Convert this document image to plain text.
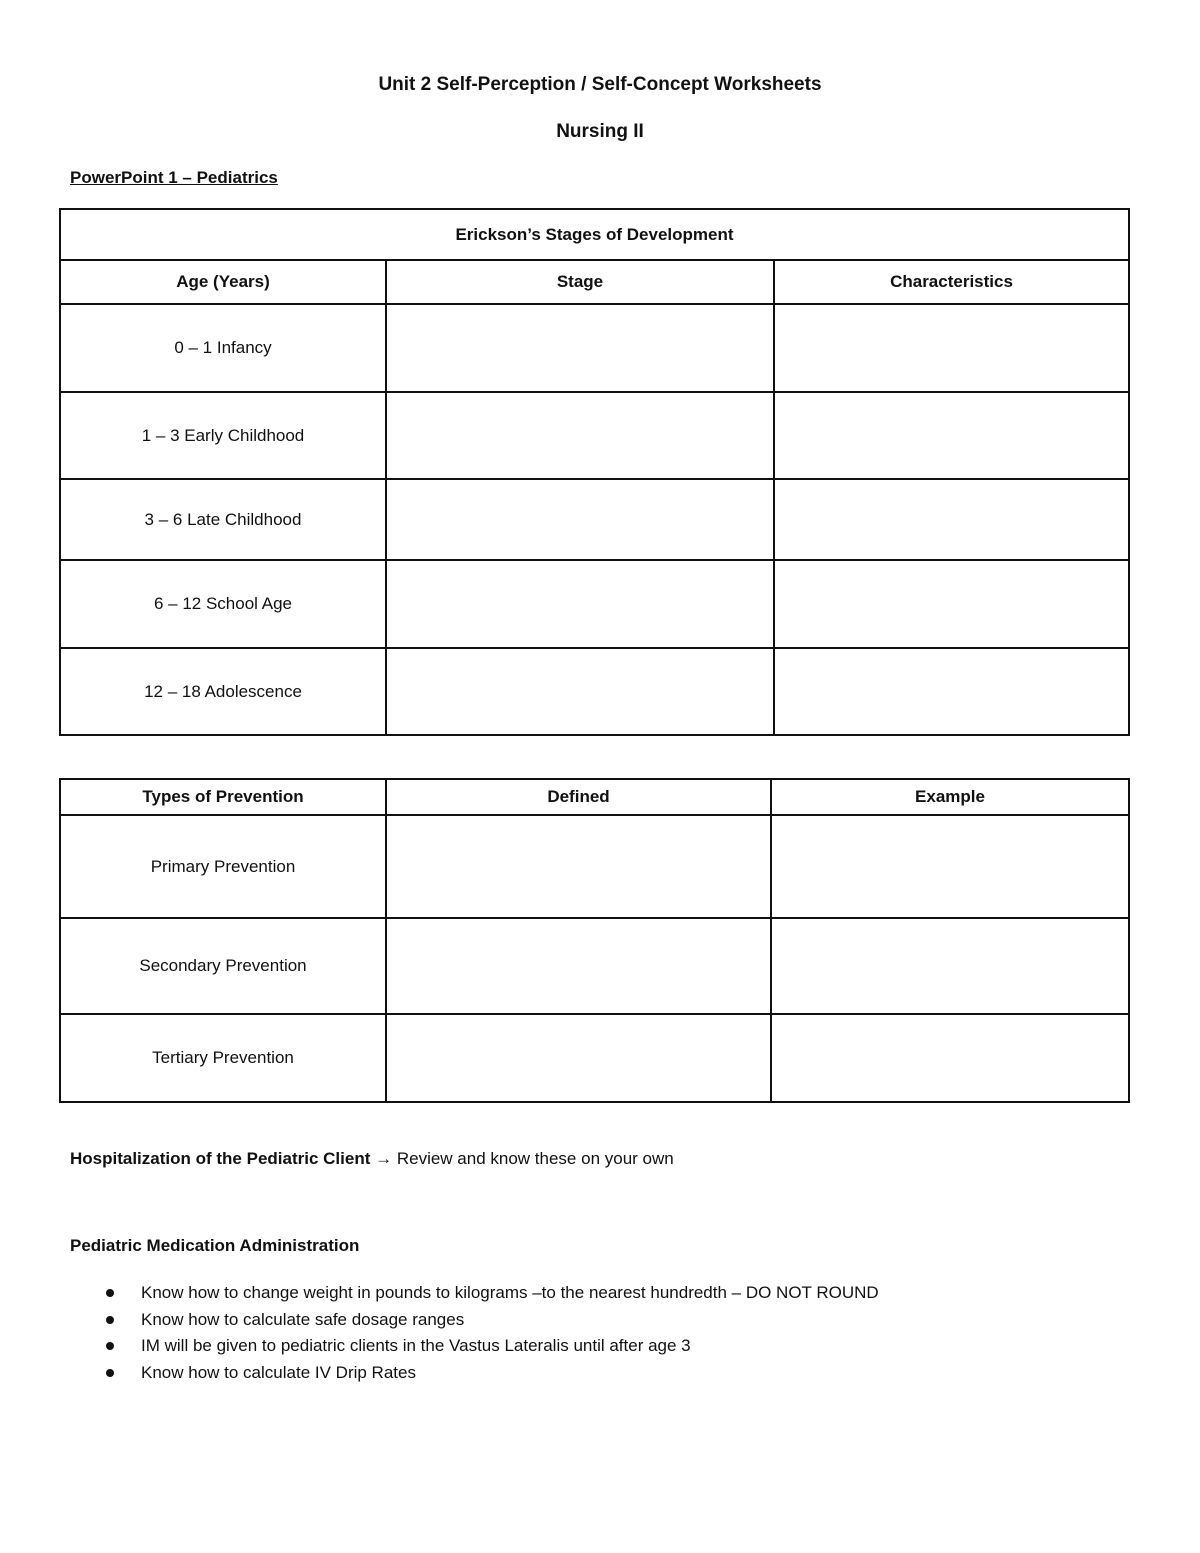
Unit 2 Self-Perception / Self-Concept Worksheets
Nursing II
PowerPoint 1 – Pediatrics
Erickson’s Stages of Development		
Age (Years)	Stage	Characteristics
0 – 1 Infancy		
1 – 3 Early Childhood		
3 – 6 Late Childhood		
6 – 12 School Age		
12 – 18 Adolescence		
Types of Prevention	Defined	Example
Primary Prevention		
Secondary Prevention		
Tertiary Prevention		
Hospitalization of the Pediatric Client → Review and know these on your own
Pediatric Medication Administration
Know how to change weight in pounds to kilograms –to the nearest hundredth – DO NOT ROUND
Know how to calculate safe dosage ranges
IM will be given to pediatric clients in the Vastus Lateralis until after age 3
Know how to calculate IV Drip Rates
